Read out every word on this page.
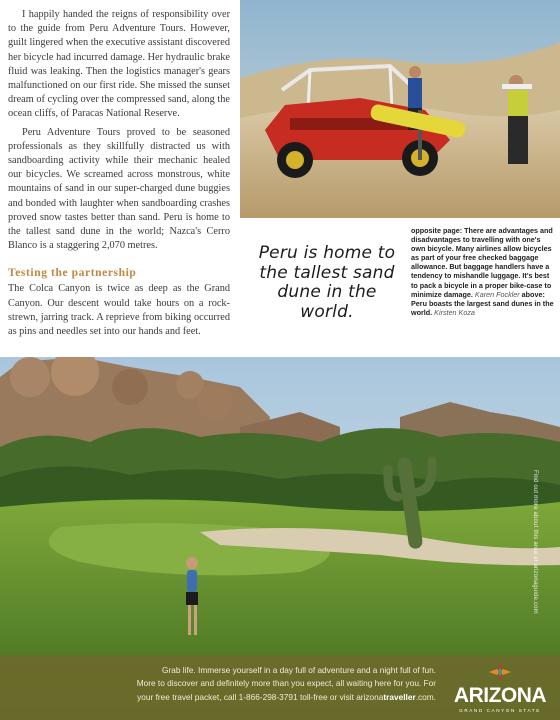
I happily handed the reigns of responsibility over to the guide from Peru Adventure Tours. However, guilt lingered when the executive assistant discovered her bicycle had incurred damage. Her hydraulic brake fluid was leaking. Then the logistics manager's gears malfunctioned on our first ride. She missed the sunset dream of cycling over the compressed sand, along the ocean cliffs, of Paracas National Reserve.

Peru Adventure Tours proved to be seasoned professionals as they skillfully distracted us with sandboarding activity while their mechanic healed our bicycles. We screamed across monstrous, white mountains of sand in our super-charged dune buggies and bonded with laughter when sandboarding crashes proved snow tastes better than sand. Peru is home to the tallest sand dune in the world; Nazca's Cerro Blanco is a staggering 2,070 metres.

Testing the partnership

The Colca Canyon is twice as deep as the Grand Canyon. Our descent would take hours on a rock-strewn, jarring track. A reprieve from biking occurred as pins and needles set into our hands and feet.

Peru is home to the tallest sand dune in the world.
opposite page: There are advantages and disadvantages to travelling with one's own bicycle. Many airlines allow bicycles as part of your free checked baggage allowance. But baggage handlers have a tendency to mishandle luggage. It's best to pack a bicycle in a proper bike-case to minimize damage. Karen Fockler above: Peru boasts the largest sand dunes in the world. Kirsten Koza
Find out more about this area at arizonaguide.com
Grab life. Immerse yourself in a day full of adventure and a night full of fun.
More to discover and definitely more than you expect, all waiting here for you. For
your free travel packet, call 1-866-298-3791 toll-free or visit arizonatraveller.com. ARIZONA
GRAND CANYON STATE
